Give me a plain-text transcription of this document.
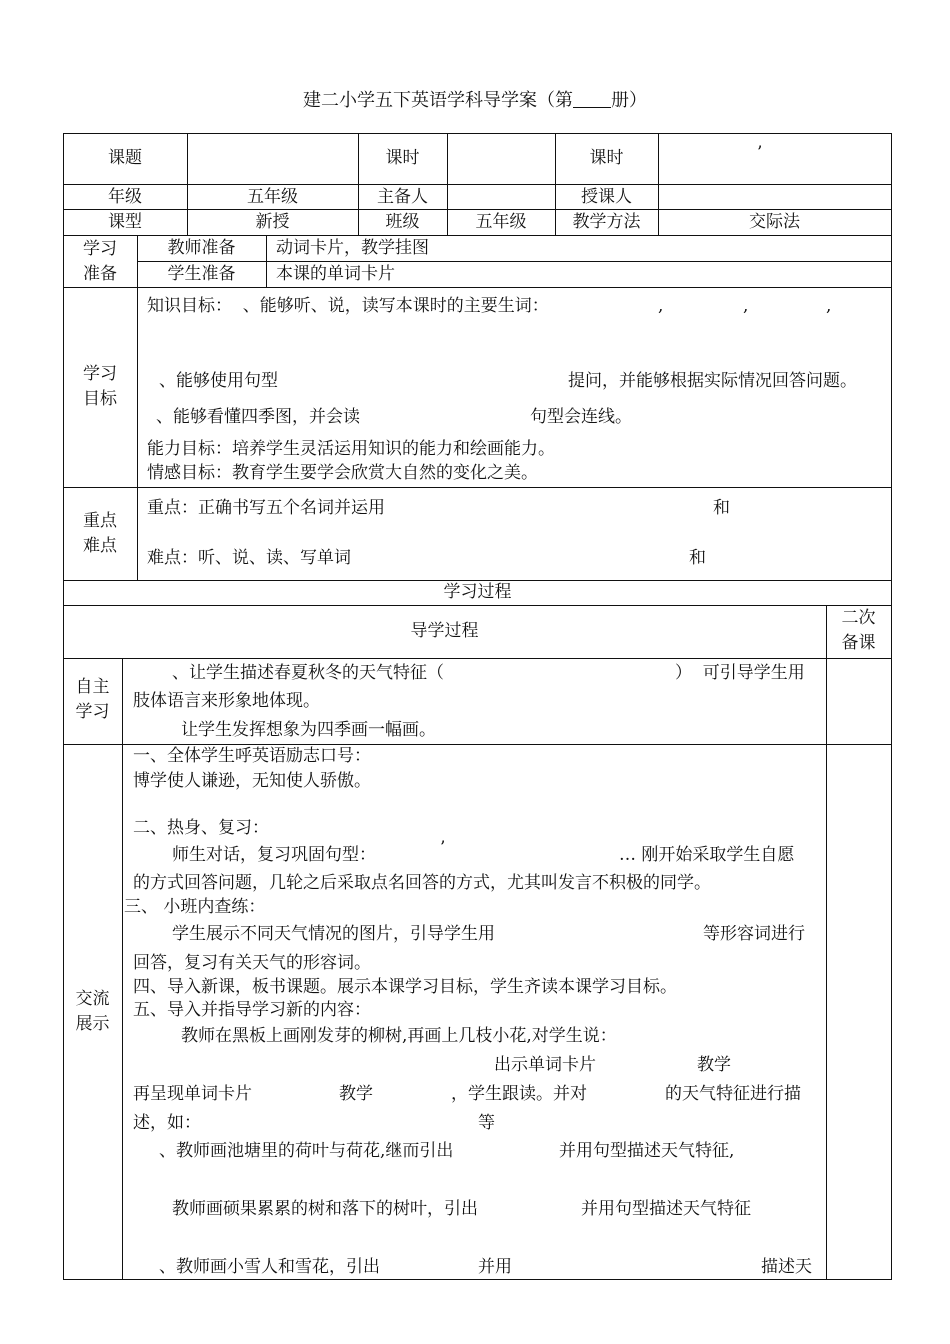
建二小学五下英语学科导学案（第 册）
课题	课时	课时	’
年级	五年级	主备人	授课人
课型	新授	班级	五年级	教学方法	交际法
学习
准备
教师准备	动词卡片，教学挂图
学生准备	本课的单词卡片
学习
目标
知识目标：  、能够听、说，读写本课时的主要生词：	,	,	,
、能够使用句型	提问，并能够根据实际情况回答问题。
、能够看懂四季图，并会读	句型会连线。
能力目标：培养学生灵活运用知识的能力和绘画能力。
情感目标：教育学生要学会欣赏大自然的变化之美。
重点
难点
重点：正确书写五个名词并运用	和
难点：听、说、读、写单词	和
学习过程
导学过程
二次
备课
自主
学习
、让学生描述春夏秋冬的天气特征（	）  可引导学生用
肢体语言来形象地体现。
让学生发挥想象为四季画一幅画。
交流
展示
一、全体学生呼英语励志口号：
博学使人谦逊，无知使人骄傲。
二、热身、复习：
师生对话，复习巩固句型：	’	… 刚开始采取学生自愿
的方式回答问题，几轮之后采取点名回答的方式，尤其叫发言不积极的同学。
三、 小班内查练：
学生展示不同天气情况的图片，引导学生用	等形容词进行
回答，复习有关天气的形容词。
四、导入新课，板书课题。展示本课学习目标，学生齐读本课学习目标。
五、导入并指导学习新的内容：
教师在黑板上画刚发芽的柳树,再画上几枝小花,对学生说：
出示单词卡片	教学
再呈现单词卡片	教学	，学生跟读。并对	的天气特征进行描
述，如：	等
、教师画池塘里的荷叶与荷花,继而引出	并用句型描述天气特征,
教师画硕果累累的树和落下的树叶，引出	并用句型描述天气特征
、教师画小雪人和雪花，引出	并用	描述天
